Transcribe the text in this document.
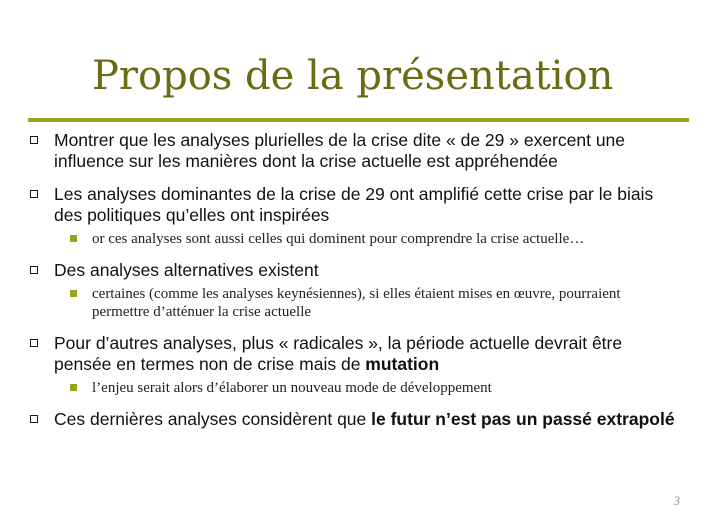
Propos de la présentation
Montrer que les analyses plurielles de la crise dite « de 29 » exercent une influence sur les manières dont la crise actuelle est appréhendée
Les analyses dominantes de la crise de 29 ont amplifié cette crise par le biais des politiques qu’elles ont inspirées
or ces analyses sont aussi celles qui dominent pour comprendre la crise actuelle…
Des analyses alternatives existent
certaines (comme les analyses keynésiennes), si elles étaient mises en œuvre, pourraient permettre d’atténuer la crise actuelle
Pour d’autres analyses, plus « radicales », la période actuelle devrait être pensée en termes non de crise mais de mutation
l’enjeu serait alors d’élaborer un nouveau mode de développement
Ces dernières analyses considèrent que le futur n’est pas un passé extrapolé
3
